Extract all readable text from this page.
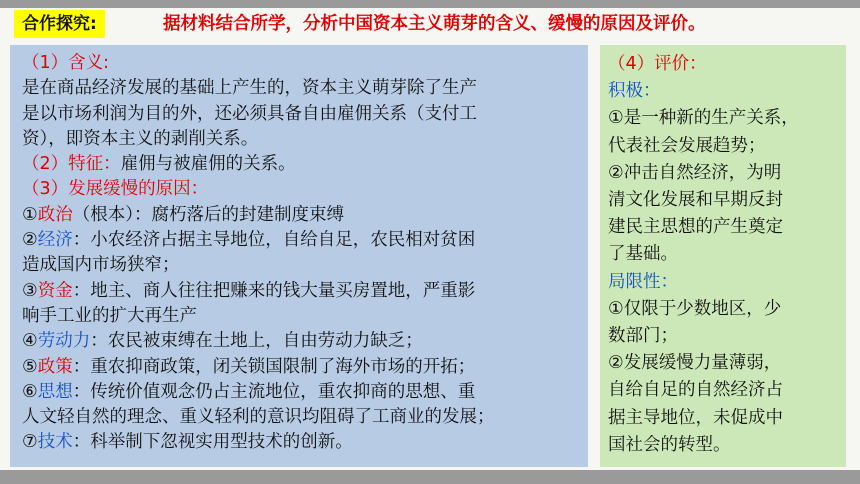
合作探究:	据材料结合所学，分析中国资本主义萌芽的含义、缓慢的原因及评价。
（1）含义:
是在商品经济发展的基础上产生的，资本主义萌芽除了生产
是以市场利润为目的外，还必须具备自由雇佣关系（支付工
资），即资本主义的剥削关系。
（2）特征：雇佣与被雇佣的关系。
（3）发展缓慢的原因：
①政治（根本）：腐朽落后的封建制度束缚
②经济：小农经济占据主导地位，自给自足，农民相对贫困
造成国内市场狭窄；
③资金：地主、商人往往把赚来的钱大量买房置地，严重影
响手工业的扩大再生产
④劳动力：农民被束缚在土地上，自由劳动力缺乏；
⑤政策：重农抑商政策，闭关锁国限制了海外市场的开拓；
⑥思想：传统价值观念仍占主流地位，重农抑商的思想、重
人文轻自然的理念、重义轻利的意识均阻碍了工商业的发展；
⑦技术：科举制下忽视实用型技术的创新。
（4）评价：
积极：
①是一种新的生产关系，
代表社会发展趋势；
②冲击自然经济，为明
清文化发展和早期反封
建民主思想的产生奠定
了基础。
局限性：
①仅限于少数地区，少
数部门；
②发展缓慢力量薄弱，
自给自足的自然经济占
据主导地位，未促成中
国社会的转型。
